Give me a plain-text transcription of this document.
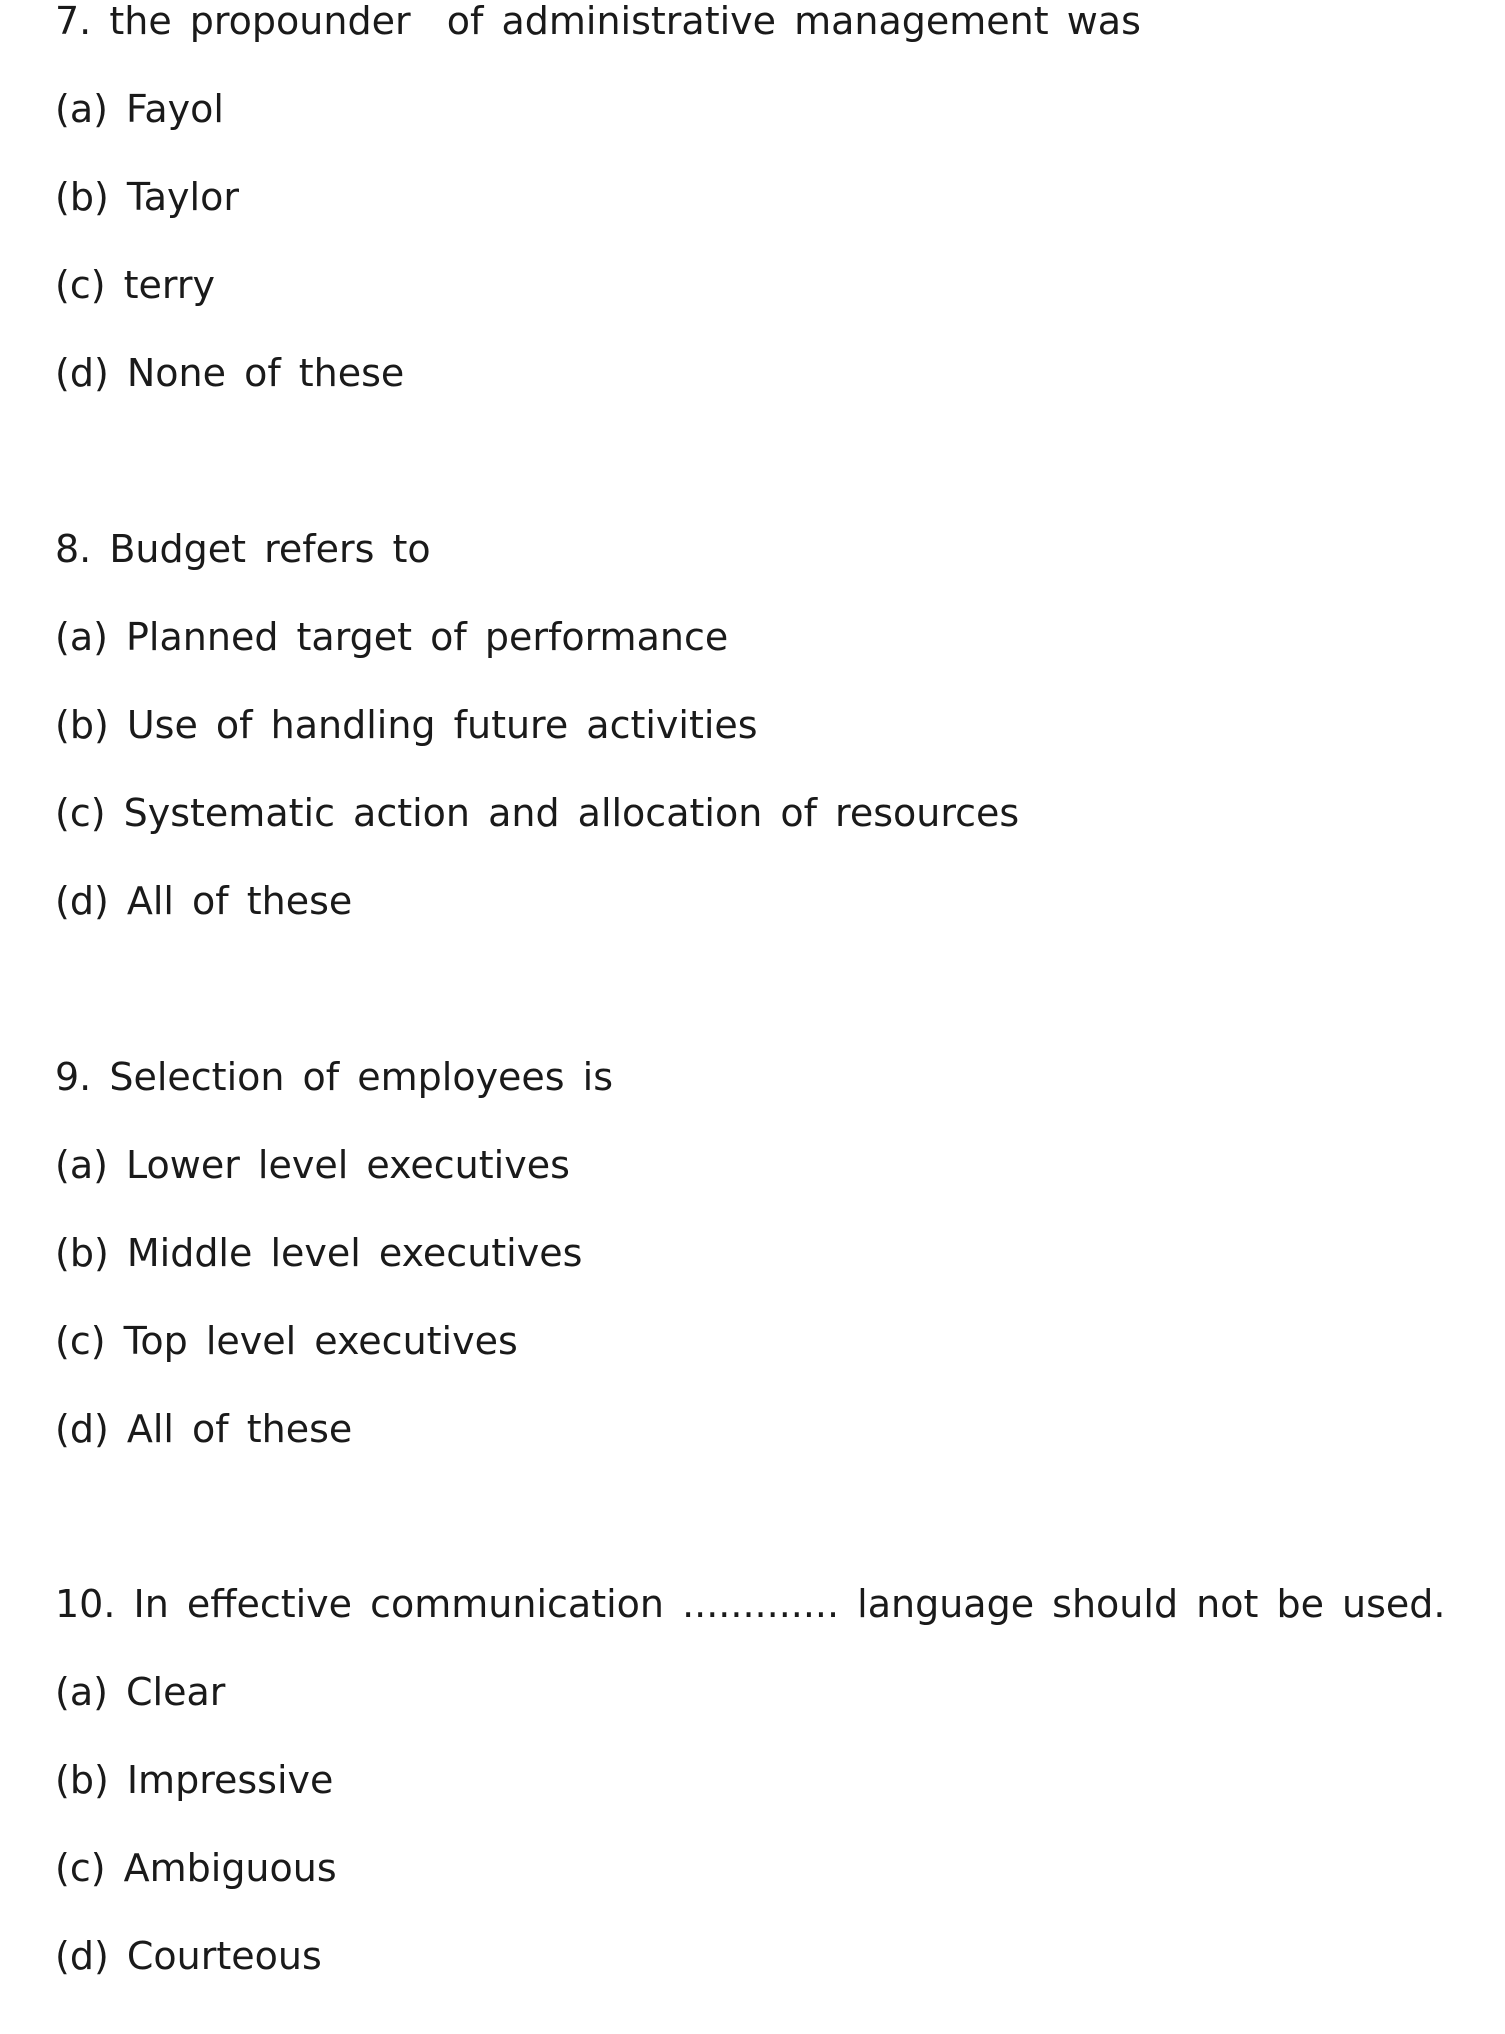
7. the propounder  of administrative management was
(a) Fayol
(b) Taylor
(c) terry
(d) None of these
8. Budget refers to
(a) Planned target of performance
(b) Use of handling future activities
(c) Systematic action and allocation of resources
(d) All of these
9. Selection of employees is
(a) Lower level executives
(b) Middle level executives
(c) Top level executives
(d) All of these
10. In effective communication ............. language should not be used.
(a) Clear
(b) Impressive
(c) Ambiguous
(d) Courteous
